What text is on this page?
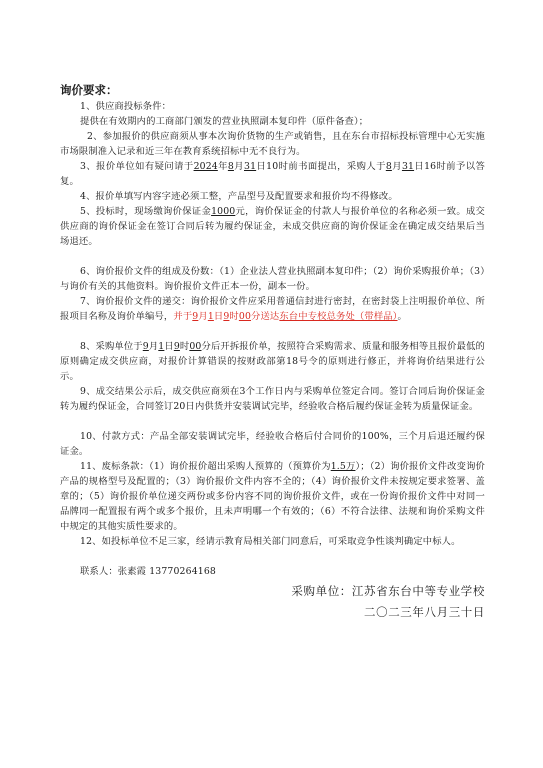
询价要求：

1、供应商投标条件：

提供在有效期内的工商部门颁发的营业执照副本复印件（原件备查）；

2、参加报价的供应商须从事本次询价货物的生产或销售，且在东台市招标投标管理中心无实施市场限制准入记录和近三年在教育系统招标中无不良行为。

3、报价单位如有疑问请于2024年8月31日10时前书面提出，采购人于8月31日16时前予以答复。

4、报价单填写内容字迹必须工整，产品型号及配置要求和报价均不得修改。

5、投标时，现场缴询价保证金1000元，询价保证金的付款人与报价单位的名称必须一致。成交供应商的询价保证金在签订合同后转为履约保证金，未成交供应商的询价保证金在确定成交结果后当场退还。

6、询价报价文件的组成及份数：（1）企业法人营业执照副本复印件；（2）询价采购报价单；（3）与询价有关的其他资料。询价报价文件正本一份，副本一份。

7、询价报价文件的递交：询价报价文件应采用普通信封进行密封，在密封袋上注明报价单位、所报项目名称及询价单编号，并于9月1日9时00分送达东台中专校总务处（带样品）。

8、采购单位于9月1日9时00分后开拆报价单，按照符合采购需求、质量和服务相等且报价最低的原则确定成交供应商，对报价计算错误的按财政部第18号令的原则进行修正，并将询价结果进行公示。

9、成交结果公示后，成交供应商须在3个工作日内与采购单位签定合同。签订合同后询价保证金转为履约保证金，合同签订20日内供货并安装调试完毕，经验收合格后履约保证金转为质量保证金。

10、付款方式：产品全部安装调试完毕，经验收合格后付合同价的100%，三个月后退还履约保证金。

11、废标条款：（1）询价报价超出采购人预算的（预算价为1.5万）；（2）询价报价文件改变询价产品的规格型号及配置的；（3）询价报价文件内容不全的；（4）询价报价文件未按规定要求签署、盖章的；（5）询价报价单位递交两份或多份内容不同的询价报价文件，或在一份询价报价文件中对同一品牌同一配置报有两个或多个报价，且未声明哪一个有效的；（6）不符合法律、法规和询价采购文件中规定的其他实质性要求的。

12、如投标单位不足三家，经请示教育局相关部门同意后，可采取竞争性谈判确定中标人。

联系人：张素霞 13770264168

采购单位：江苏省东台中等专业学校

二〇二三年八月三十日
